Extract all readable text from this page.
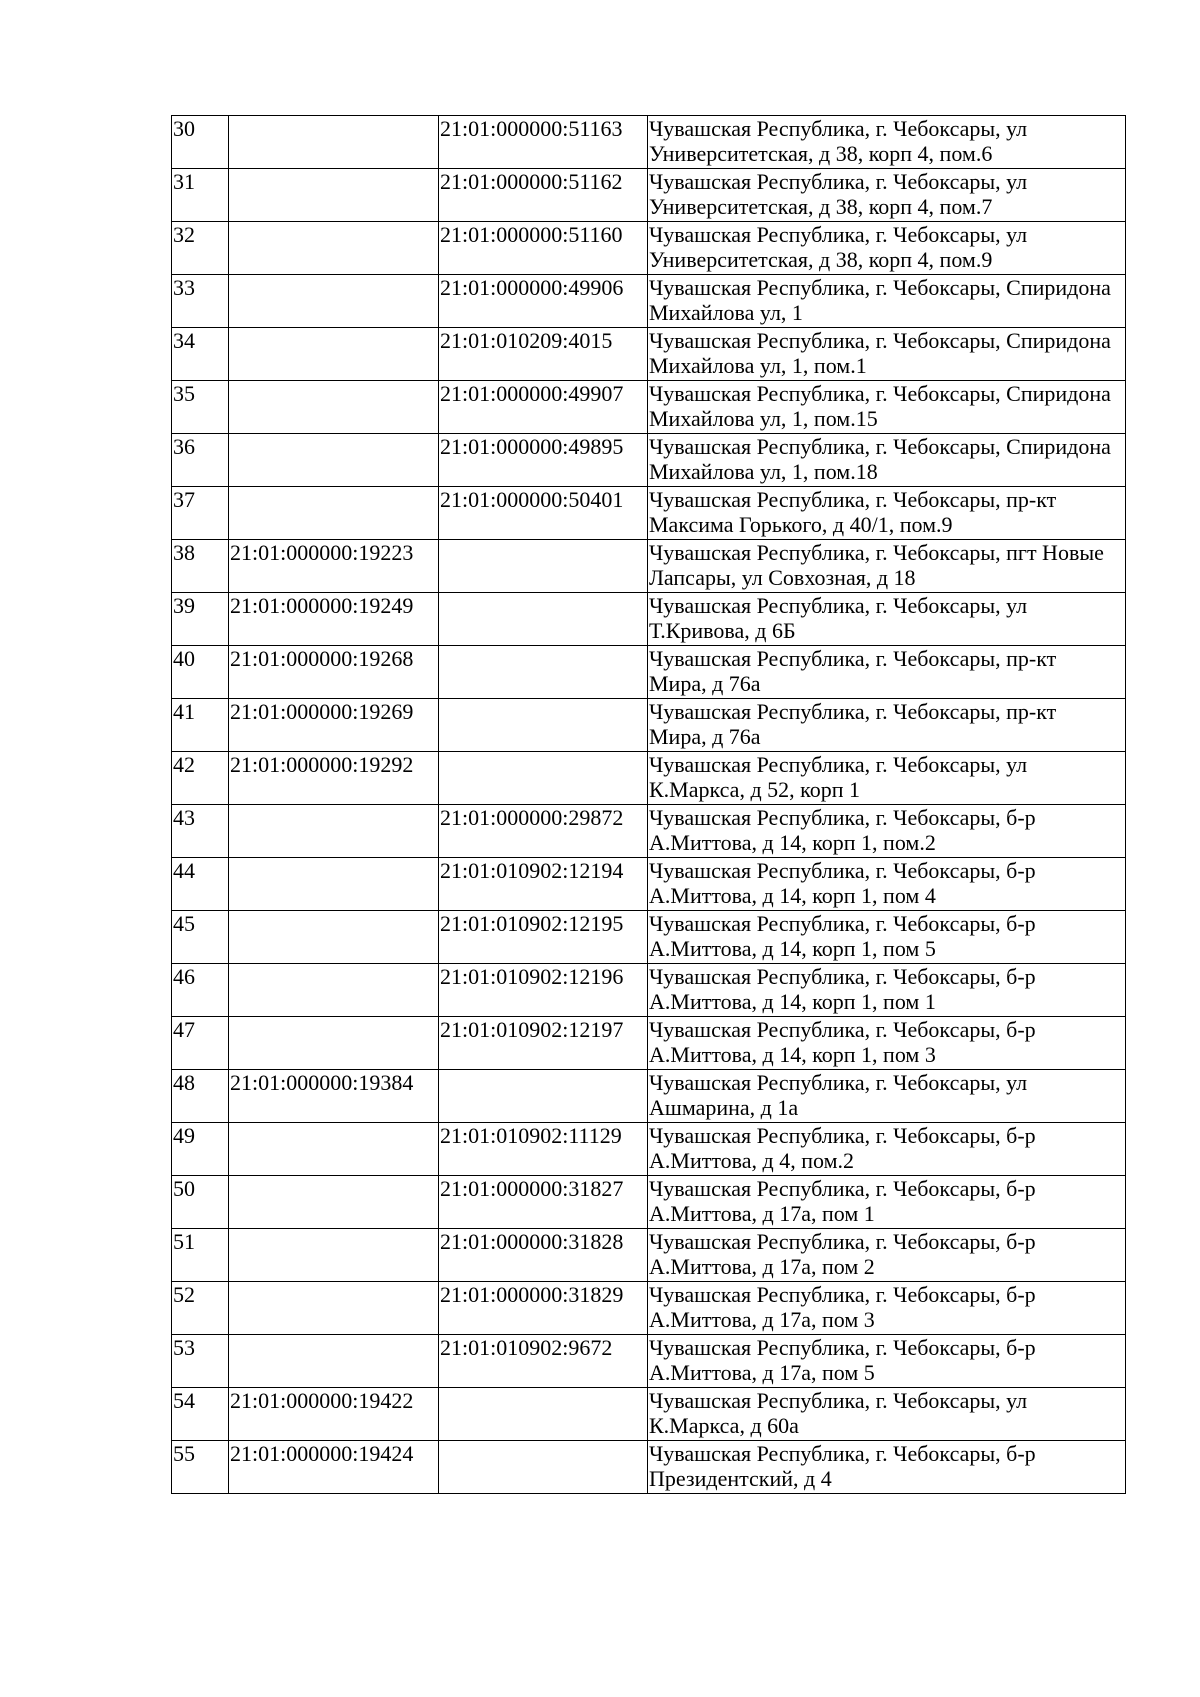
30		21:01:000000:51163	Чувашская Республика, г. Чебоксары, ул Университетская, д 38, корп 4, пом.6
31		21:01:000000:51162	Чувашская Республика, г. Чебоксары, ул Университетская, д 38, корп 4, пом.7
32		21:01:000000:51160	Чувашская Республика, г. Чебоксары, ул Университетская, д 38, корп 4, пом.9
33		21:01:000000:49906	Чувашская Республика, г. Чебоксары, Спиридона Михайлова ул, 1
34		21:01:010209:4015	Чувашская Республика, г. Чебоксары, Спиридона Михайлова ул, 1, пом.1
35		21:01:000000:49907	Чувашская Республика, г. Чебоксары, Спиридона Михайлова ул, 1, пом.15
36		21:01:000000:49895	Чувашская Республика, г. Чебоксары, Спиридона Михайлова ул, 1, пом.18
37		21:01:000000:50401	Чувашская Республика, г. Чебоксары, пр-кт Максима Горького, д 40/1, пом.9
38	21:01:000000:19223		Чувашская Республика, г. Чебоксары, пгт Новые Лапсары, ул Совхозная, д 18
39	21:01:000000:19249		Чувашская Республика, г. Чебоксары, ул Т.Кривова, д 6Б
40	21:01:000000:19268		Чувашская Республика, г. Чебоксары, пр-кт Мира, д 76а
41	21:01:000000:19269		Чувашская Республика, г. Чебоксары, пр-кт Мира, д 76а
42	21:01:000000:19292		Чувашская Республика, г. Чебоксары, ул К.Маркса, д 52, корп 1
43		21:01:000000:29872	Чувашская Республика, г. Чебоксары, б-р А.Миттова, д 14, корп 1, пом.2
44		21:01:010902:12194	Чувашская Республика, г. Чебоксары, б-р А.Миттова, д 14, корп 1, пом 4
45		21:01:010902:12195	Чувашская Республика, г. Чебоксары, б-р А.Миттова, д 14, корп 1, пом 5
46		21:01:010902:12196	Чувашская Республика, г. Чебоксары, б-р А.Миттова, д 14, корп 1, пом 1
47		21:01:010902:12197	Чувашская Республика, г. Чебоксары, б-р А.Миттова, д 14, корп 1, пом 3
48	21:01:000000:19384		Чувашская Республика, г. Чебоксары, ул Ашмарина, д 1а
49		21:01:010902:11129	Чувашская Республика, г. Чебоксары, б-р А.Миттова, д 4, пом.2
50		21:01:000000:31827	Чувашская Республика, г. Чебоксары, б-р А.Миттова, д 17а, пом 1
51		21:01:000000:31828	Чувашская Республика, г. Чебоксары, б-р А.Миттова, д 17а, пом 2
52		21:01:000000:31829	Чувашская Республика, г. Чебоксары, б-р А.Миттова, д 17а, пом 3
53		21:01:010902:9672	Чувашская Республика, г. Чебоксары, б-р А.Миттова, д 17а, пом 5
54	21:01:000000:19422		Чувашская Республика, г. Чебоксары, ул К.Маркса, д 60а
55	21:01:000000:19424		Чувашская Республика, г. Чебоксары, б-р Президентский, д 4
